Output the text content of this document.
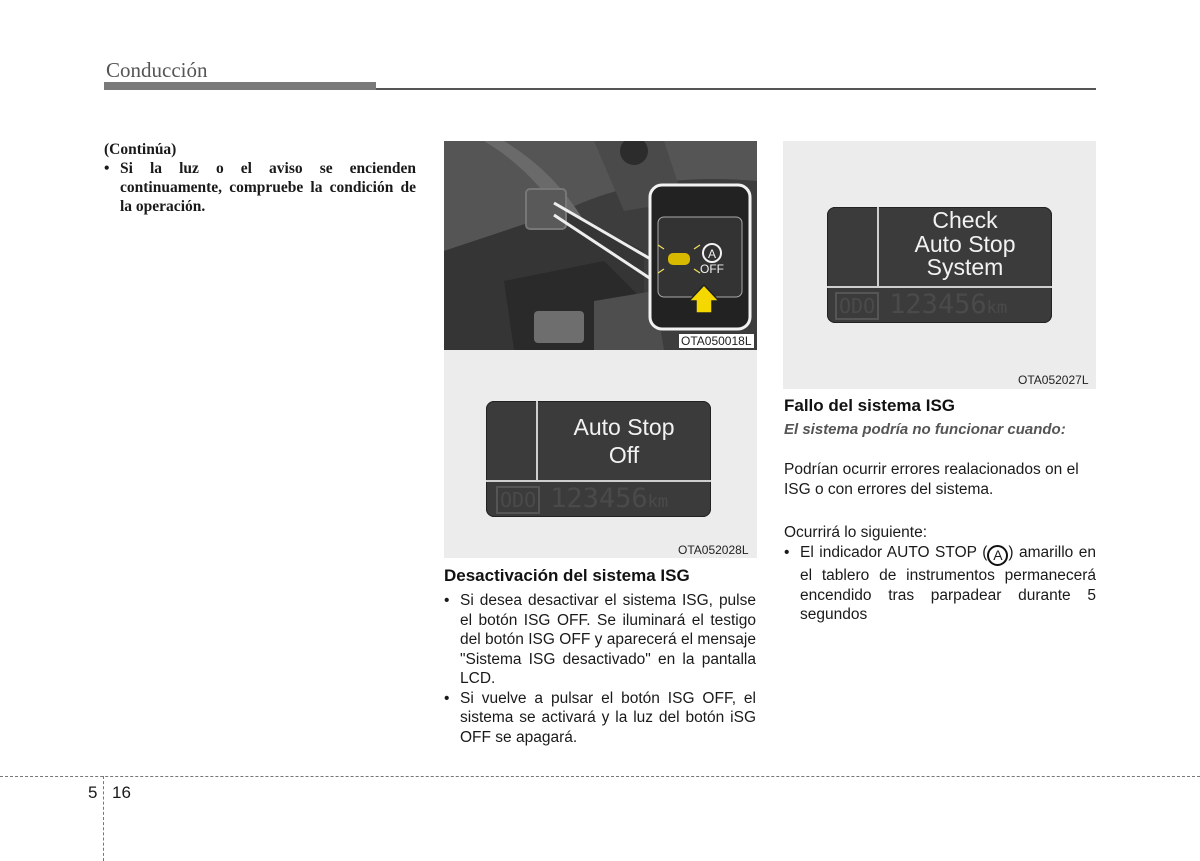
Conducción
(Continúa)
• Si la luz o el aviso se encienden continuamente, compruebe la condición de la operación.
A
OFF
OTA050018L
Auto Stop
Off
ODO 123456km
OTA052028L
Check
Auto Stop
System
ODO 123456km
OTA052027L
Desactivación del sistema ISG
• Si desea desactivar el sistema ISG, pulse el botón ISG OFF. Se iluminará el testigo del botón ISG OFF y aparecerá el mensaje "Sistema ISG desactivado" en la pantalla LCD.
• Si vuelve a pulsar el botón ISG OFF, el sistema se activará y la luz del botón iSG OFF se apagará.
Fallo del sistema ISG
El sistema podría no funcionar cuando:
Podrían ocurrir errores realacionados on el ISG o con errores del sistema.
Ocurrirá lo siguiente:
• El indicador AUTO STOP ( A ) amarillo en el tablero de instrumentos permanecerá encendido tras parpadear durante 5 segundos
5 16
